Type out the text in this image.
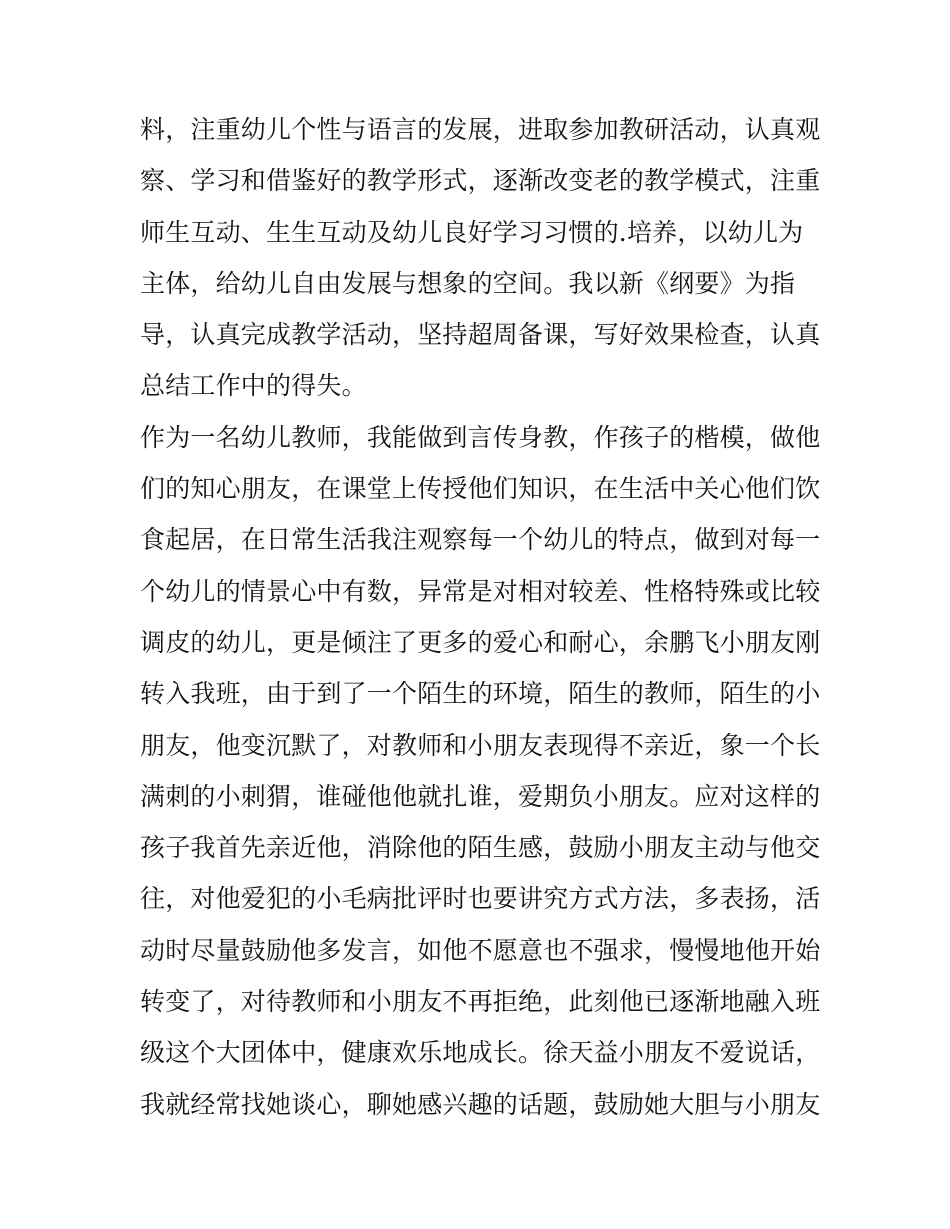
料，注重幼儿个性与语言的发展，进取参加教研活动，认真观
察、学习和借鉴好的教学形式，逐渐改变老的教学模式，注重
师生互动、生生互动及幼儿良好学习习惯的.培养，以幼儿为
主体，给幼儿自由发展与想象的空间。我以新《纲要》为指
导，认真完成教学活动，坚持超周备课，写好效果检查，认真
总结工作中的得失。
作为一名幼儿教师，我能做到言传身教，作孩子的楷模，做他
们的知心朋友，在课堂上传授他们知识，在生活中关心他们饮
食起居，在日常生活我注观察每一个幼儿的特点，做到对每一
个幼儿的情景心中有数，异常是对相对较差、性格特殊或比较
调皮的幼儿，更是倾注了更多的爱心和耐心，余鹏飞小朋友刚
转入我班，由于到了一个陌生的环境，陌生的教师，陌生的小
朋友，他变沉默了，对教师和小朋友表现得不亲近，象一个长
满刺的小刺猬，谁碰他他就扎谁，爱期负小朋友。应对这样的
孩子我首先亲近他，消除他的陌生感，鼓励小朋友主动与他交
往，对他爱犯的小毛病批评时也要讲究方式方法，多表扬，活
动时尽量鼓励他多发言，如他不愿意也不强求，慢慢地他开始
转变了，对待教师和小朋友不再拒绝，此刻他已逐渐地融入班
级这个大团体中，健康欢乐地成长。徐天益小朋友不爱说话，
我就经常找她谈心，聊她感兴趣的话题，鼓励她大胆与小朋友
